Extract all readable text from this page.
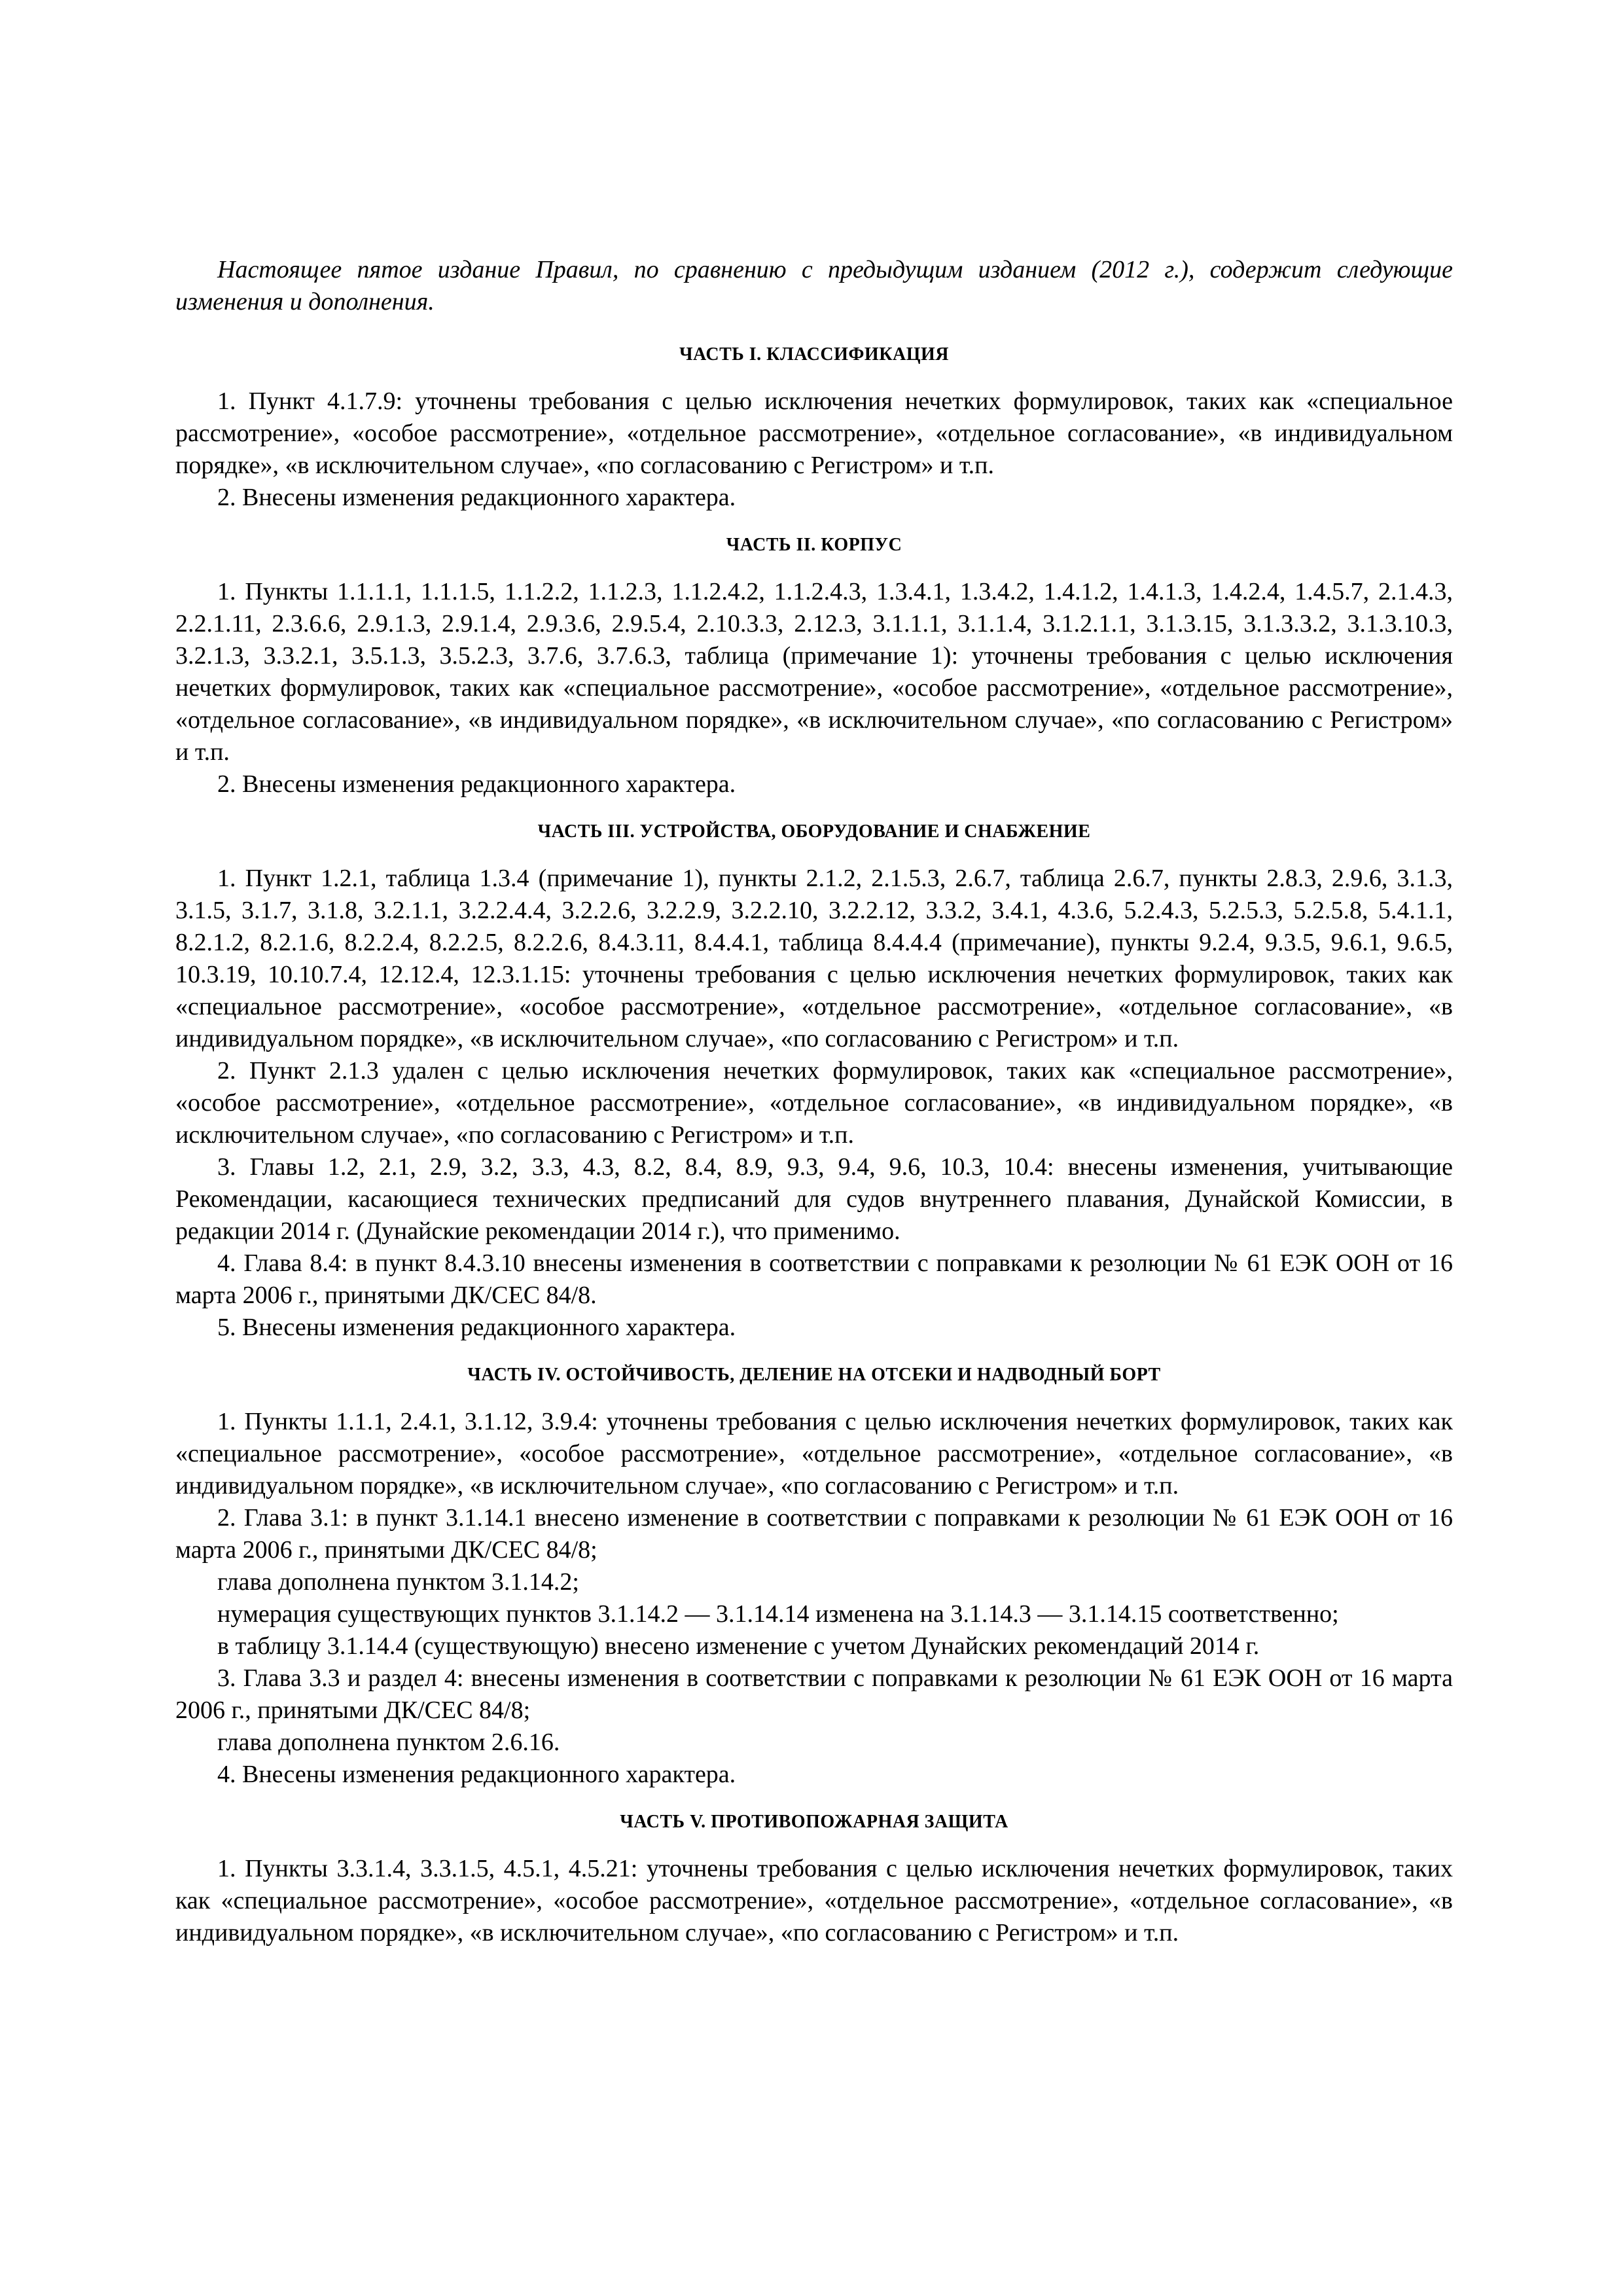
Настоящее пятое издание Правил, по сравнению с предыдущим изданием (2012 г.), содержит следующие изменения и дополнения.

ЧАСТЬ I. КЛАССИФИКАЦИЯ

1. Пункт 4.1.7.9: уточнены требования с целью исключения нечетких формулировок, таких как «специальное рассмотрение», «особое рассмотрение», «отдельное рассмотрение», «отдельное согласование», «в индивидуальном порядке», «в исключительном случае», «по согласованию с Регистром» и т.п.

2. Внесены изменения редакционного характера.

ЧАСТЬ II. КОРПУС

1. Пункты 1.1.1.1, 1.1.1.5, 1.1.2.2, 1.1.2.3, 1.1.2.4.2, 1.1.2.4.3, 1.3.4.1, 1.3.4.2, 1.4.1.2, 1.4.1.3, 1.4.2.4, 1.4.5.7, 2.1.4.3, 2.2.1.11, 2.3.6.6, 2.9.1.3, 2.9.1.4, 2.9.3.6, 2.9.5.4, 2.10.3.3, 2.12.3, 3.1.1.1, 3.1.1.4, 3.1.2.1.1, 3.1.3.15, 3.1.3.3.2, 3.1.3.10.3, 3.2.1.3, 3.3.2.1, 3.5.1.3, 3.5.2.3, 3.7.6, 3.7.6.3, таблица (примечание 1): уточнены требования с целью исключения нечетких формулировок, таких как «специальное рассмотрение», «особое рассмотрение», «отдельное рассмотрение», «отдельное согласование», «в индивидуальном порядке», «в исключительном случае», «по согласованию с Регистром» и т.п.

2. Внесены изменения редакционного характера.

ЧАСТЬ III. УСТРОЙСТВА, ОБОРУДОВАНИЕ И СНАБЖЕНИЕ

1. Пункт 1.2.1, таблица 1.3.4 (примечание 1), пункты 2.1.2, 2.1.5.3, 2.6.7, таблица 2.6.7, пункты 2.8.3, 2.9.6, 3.1.3, 3.1.5, 3.1.7, 3.1.8, 3.2.1.1, 3.2.2.4.4, 3.2.2.6, 3.2.2.9, 3.2.2.10, 3.2.2.12, 3.3.2, 3.4.1, 4.3.6, 5.2.4.3, 5.2.5.3, 5.2.5.8, 5.4.1.1, 8.2.1.2, 8.2.1.6, 8.2.2.4, 8.2.2.5, 8.2.2.6, 8.4.3.11, 8.4.4.1, таблица 8.4.4.4 (примечание), пункты 9.2.4, 9.3.5, 9.6.1, 9.6.5, 10.3.19, 10.10.7.4, 12.12.4, 12.3.1.15: уточнены требования с целью исключения нечетких формулировок, таких как «специальное рассмотрение», «особое рассмотрение», «отдельное рассмотрение», «отдельное согласование», «в индивидуальном порядке», «в исключительном случае», «по согласованию с Регистром» и т.п.

2. Пункт 2.1.3 удален с целью исключения нечетких формулировок, таких как «специальное рассмотрение», «особое рассмотрение», «отдельное рассмотрение», «отдельное согласование», «в индивидуальном порядке», «в исключительном случае», «по согласованию с Регистром» и т.п.

3. Главы 1.2, 2.1, 2.9, 3.2, 3.3, 4.3, 8.2, 8.4, 8.9, 9.3, 9.4, 9.6, 10.3, 10.4: внесены изменения, учитывающие Рекомендации, касающиеся технических предписаний для судов внутреннего плавания, Дунайской Комиссии, в редакции 2014 г. (Дунайские рекомендации 2014 г.), что применимо.

4. Глава 8.4: в пункт 8.4.3.10 внесены изменения в соответствии с поправками к резолюции № 61 ЕЭК ООН от 16 марта 2006 г., принятыми ДК/СЕС 84/8.

5. Внесены изменения редакционного характера.

ЧАСТЬ IV. ОСТОЙЧИВОСТЬ, ДЕЛЕНИЕ НА ОТСЕКИ И НАДВОДНЫЙ БОРТ

1. Пункты 1.1.1, 2.4.1, 3.1.12, 3.9.4: уточнены требования с целью исключения нечетких формулировок, таких как «специальное рассмотрение», «особое рассмотрение», «отдельное рассмотрение», «отдельное согласование», «в индивидуальном порядке», «в исключительном случае», «по согласованию с Регистром» и т.п.

2. Глава 3.1: в пункт 3.1.14.1 внесено изменение в соответствии с поправками к резолюции № 61 ЕЭК ООН от 16 марта 2006 г., принятыми ДК/СЕС 84/8;

глава дополнена пунктом 3.1.14.2;

нумерация существующих пунктов 3.1.14.2 — 3.1.14.14 изменена на 3.1.14.3 — 3.1.14.15 соответственно;

в таблицу 3.1.14.4 (существующую) внесено изменение с учетом Дунайских рекомендаций 2014 г.

3. Глава 3.3 и раздел 4: внесены изменения в соответствии с поправками к резолюции № 61 ЕЭК ООН от 16 марта 2006 г., принятыми ДК/СЕС 84/8;

глава дополнена пунктом 2.6.16.

4. Внесены изменения редакционного характера.

ЧАСТЬ V. ПРОТИВОПОЖАРНАЯ ЗАЩИТА

1. Пункты 3.3.1.4, 3.3.1.5, 4.5.1, 4.5.21: уточнены требования с целью исключения нечетких формулировок, таких как «специальное рассмотрение», «особое рассмотрение», «отдельное рассмотрение», «отдельное согласование», «в индивидуальном порядке», «в исключительном случае», «по согласованию с Регистром» и т.п.
